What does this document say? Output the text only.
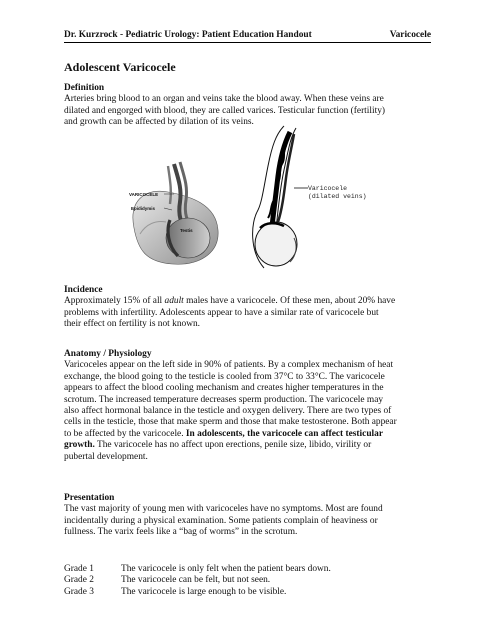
Dr. Kurzrock - Pediatric Urology: Patient Education Handout	Varicocele
Adolescent Varicocele
Definition

Arteries bring blood to an organ and veins take the blood away. When these veins are

dilated and engorged with blood, they are called varices. Testicular function (fertility)

and growth can be affected by dilation of its veins.

VARICOCELE
Epididymis
Testis
Varicocele
(dilated veins)
Incidence

Approximately 15% of all adult males have a varicocele. Of these men, about 20% have

problems with infertility. Adolescents appear to have a similar rate of varicocele but

their effect on fertility is not known.

Anatomy / Physiology

Varicoceles appear on the left side in 90% of patients. By a complex mechanism of heat

exchange, the blood going to the testicle is cooled from 37°C to 33°C. The varicocele

appears to affect the blood cooling mechanism and creates higher temperatures in the

scrotum. The increased temperature decreases sperm production. The varicocele may

also affect hormonal balance in the testicle and oxygen delivery. There are two types of

cells in the testicle, those that make sperm and those that make testosterone. Both appear

to be affected by the varicocele. In adolescents, the varicocele can affect testicular

growth. The varicocele has no affect upon erections, penile size, libido, virility or

pubertal development.

Presentation

The vast majority of young men with varicoceles have no symptoms. Most are found

incidentally during a physical examination. Some patients complain of heaviness or

fullness. The varix feels like a “bag of worms” in the scrotum.

Grade 1	The varicocele is only felt when the patient bears down.
Grade 2	The varicocele can be felt, but not seen.
Grade 3	The varicocele is large enough to be visible.
